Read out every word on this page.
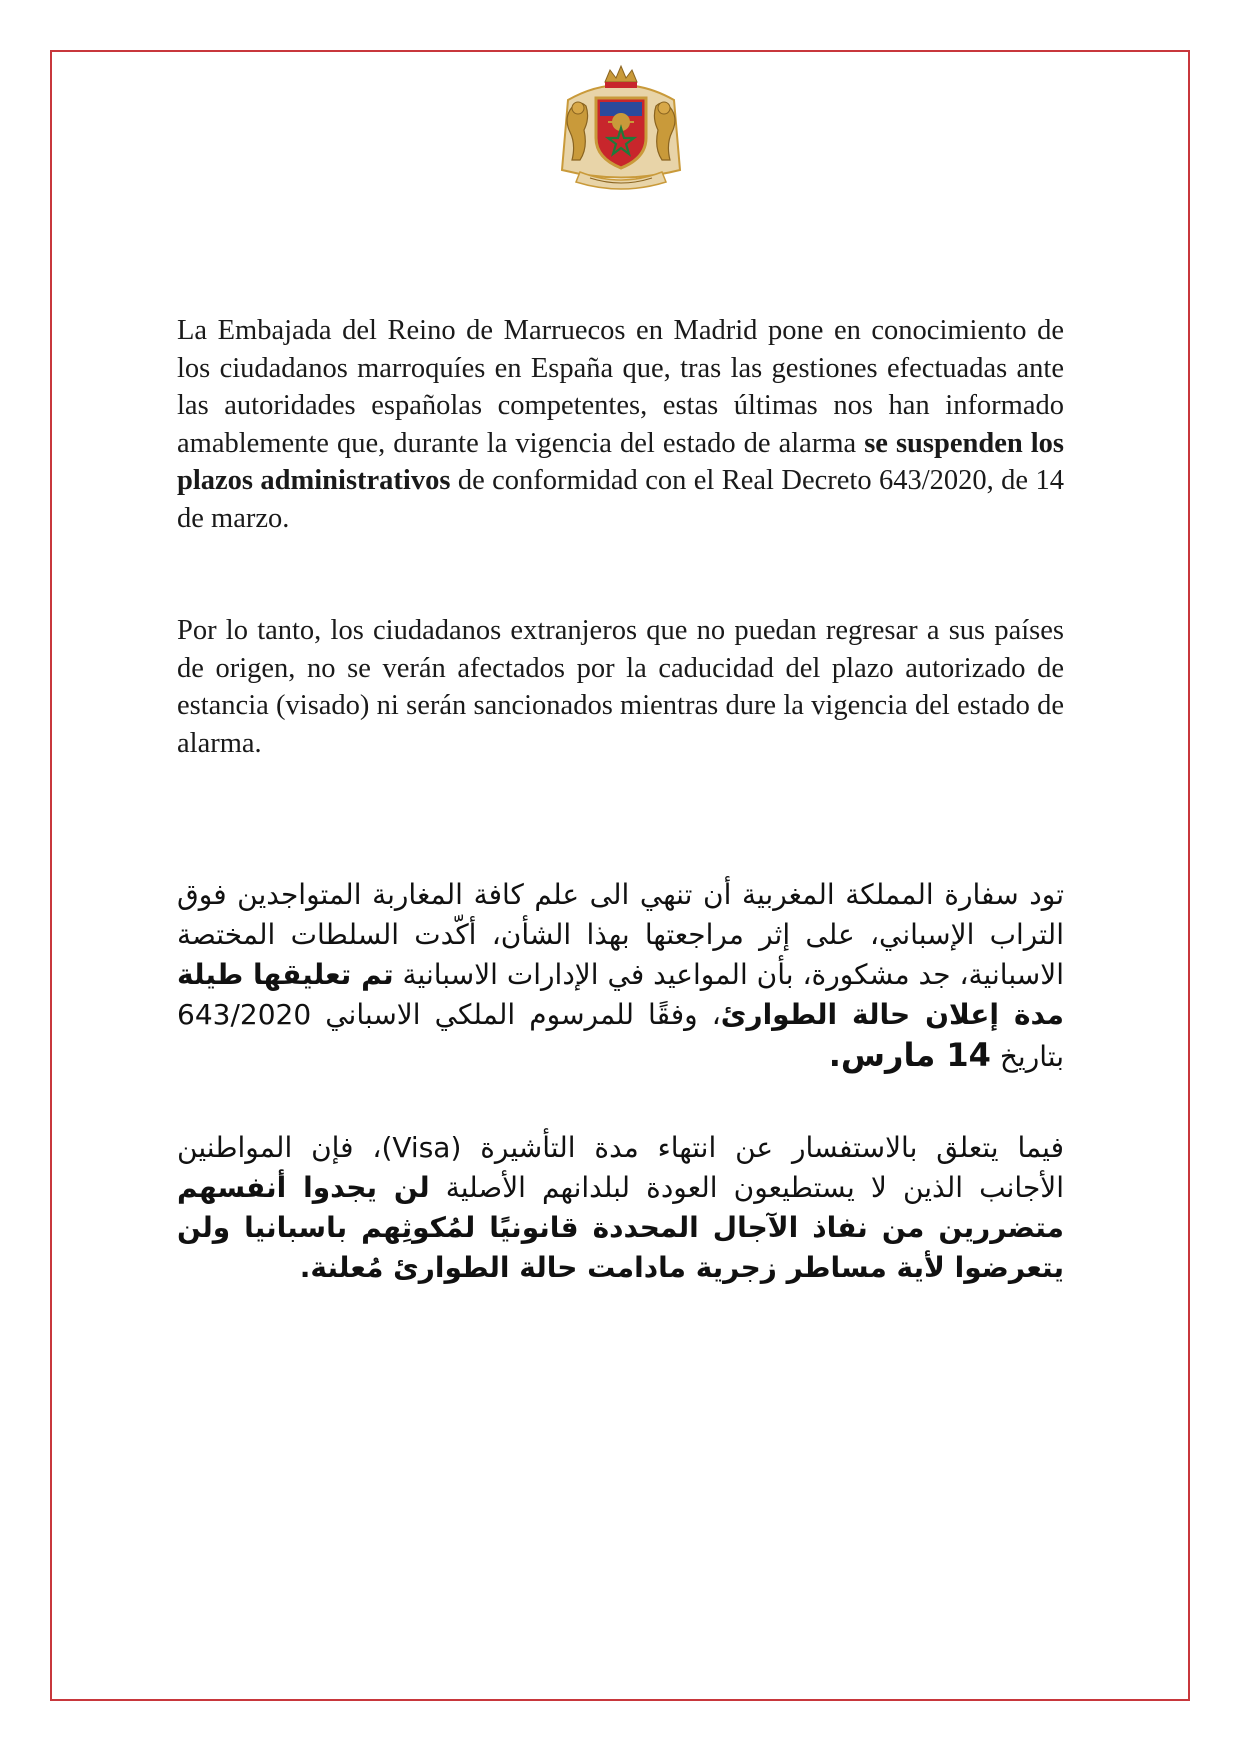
La Embajada del Reino de Marruecos en Madrid pone en conocimiento de los ciudadanos marroquíes en España que, tras las gestiones efectuadas ante las autoridades españolas competentes, estas últimas nos han informado amablemente que, durante la vigencia del estado de alarma se suspenden los plazos administrativos de conformidad con el Real Decreto 643/2020, de 14 de marzo.

Por lo tanto, los ciudadanos extranjeros que no puedan regresar a sus países de origen, no se verán afectados por la caducidad del plazo autorizado de estancia (visado) ni serán sancionados mientras dure la vigencia del estado de alarma.

تود سفارة المملكة المغربية أن تنهي الى علم كافة المغاربة المتواجدين فوق التراب الإسباني، على إثر مراجعتها بهذا الشأن، أكّدت السلطات المختصة الاسبانية، جد مشكورة، بأن المواعيد في الإدارات الاسبانية تم تعليقها طيلة مدة إعلان حالة الطوارئ، وفقًا للمرسوم الملكي الاسباني 643/2020 بتاريخ 14 مارس.

فيما يتعلق بالاستفسار عن انتهاء مدة التأشيرة (Visa)، فإن المواطنين الأجانب الذين لا يستطيعون العودة لبلدانهم الأصلية لن يجدوا أنفسهم متضررين من نفاذ الآجال المحددة قانونيًا لمُكوثِهم باسبانيا ولن يتعرضوا لأية مساطر زجرية مادامت حالة الطوارئ مُعلنة.
